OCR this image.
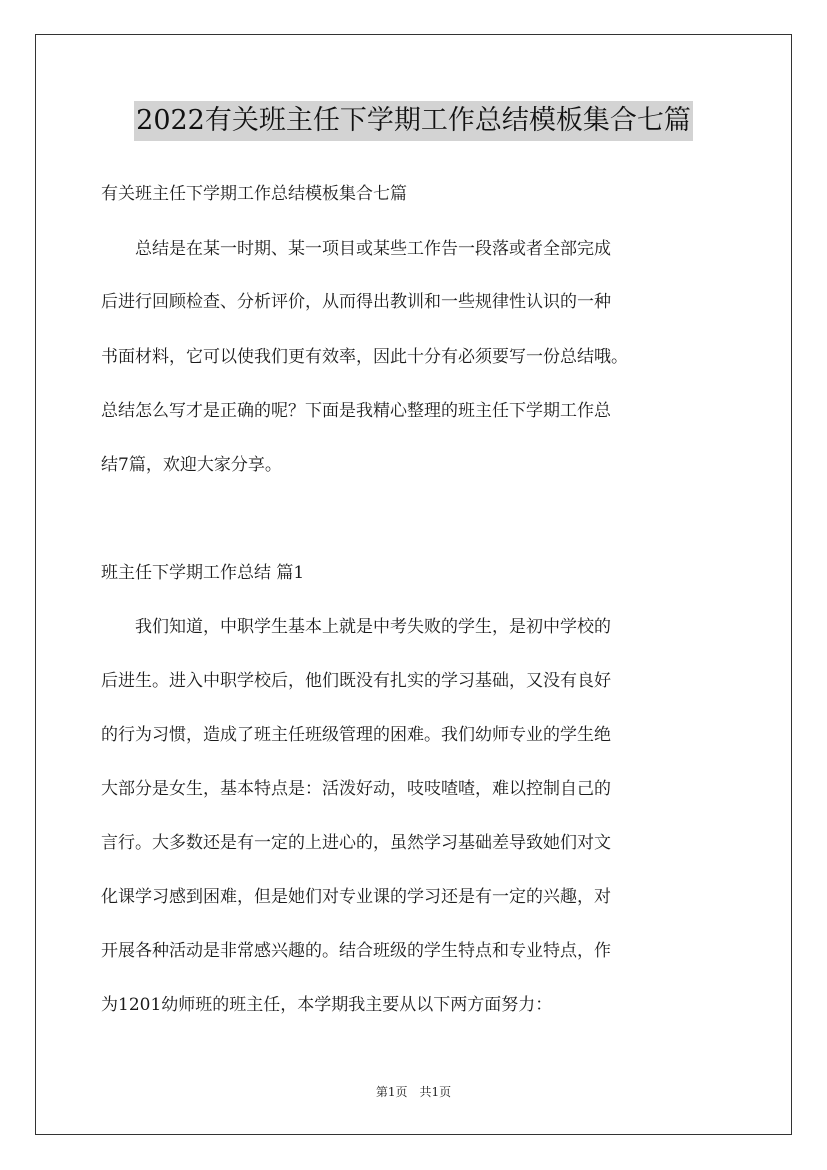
2022有关班主任下学期工作总结模板集合七篇
有关班主任下学期工作总结模板集合七篇
　　总结是在某一时期、某一项目或某些工作告一段落或者全部完成
后进行回顾检查、分析评价，从而得出教训和一些规律性认识的一种
书面材料，它可以使我们更有效率，因此十分有必须要写一份总结哦。
总结怎么写才是正确的呢？下面是我精心整理的班主任下学期工作总
结7篇，欢迎大家分享。
班主任下学期工作总结 篇1
　　我们知道，中职学生基本上就是中考失败的学生，是初中学校的
后进生。进入中职学校后，他们既没有扎实的学习基础，又没有良好
的行为习惯，造成了班主任班级管理的困难。我们幼师专业的学生绝
大部分是女生，基本特点是：活泼好动，吱吱喳喳，难以控制自己的
言行。大多数还是有一定的上进心的，虽然学习基础差导致她们对文
化课学习感到困难，但是她们对专业课的学习还是有一定的兴趣，对
开展各种活动是非常感兴趣的。结合班级的学生特点和专业特点，作
为1201幼师班的班主任，本学期我主要从以下两方面努力：
第1页　共1页
